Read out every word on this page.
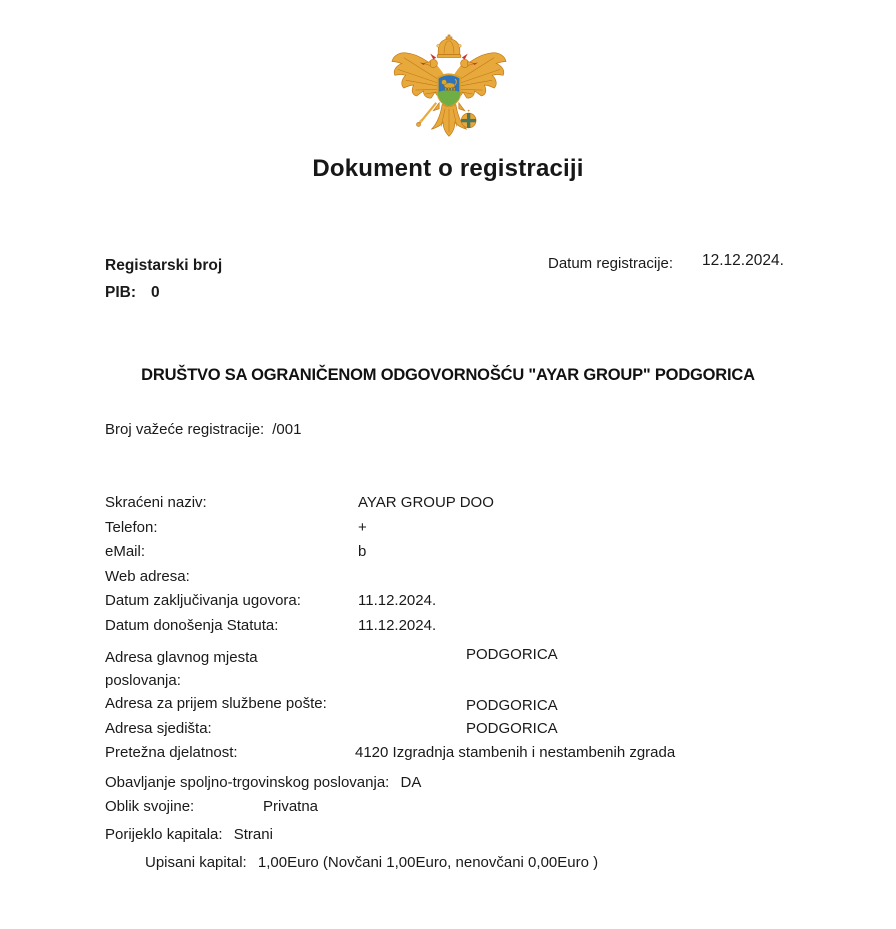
Dokument o registraciji
Registarski broj
PIB: 0
Datum registracije: 12.12.2024.
DRUŠTVO SA OGRANIČENOM ODGOVORNOŠĆU "AYAR GROUP" PODGORICA
Broj važeće registracije: /001
Skraćeni naziv:	AYAR GROUP DOO
Telefon:	+
eMail:	b
Web adresa:
Datum zaključivanja ugovora:	11.12.2024.
Datum donošenja Statuta:	11.12.2024.
Adresa glavnog mjesta poslovanja:
PODGORICA
Adresa za prijem službene pošte:	PODGORICA
Adresa sjedišta:	PODGORICA
Pretežna djelatnost:	4120 Izgradnja stambenih i nestambenih zgrada
Obavljanje spoljno-trgovinskog poslovanja: DA
Oblik svojine:	Privatna
Porijeklo kapitala: Strani
Upisani kapital: 1,00Euro (Novčani 1,00Euro, nenovčani 0,00Euro )
